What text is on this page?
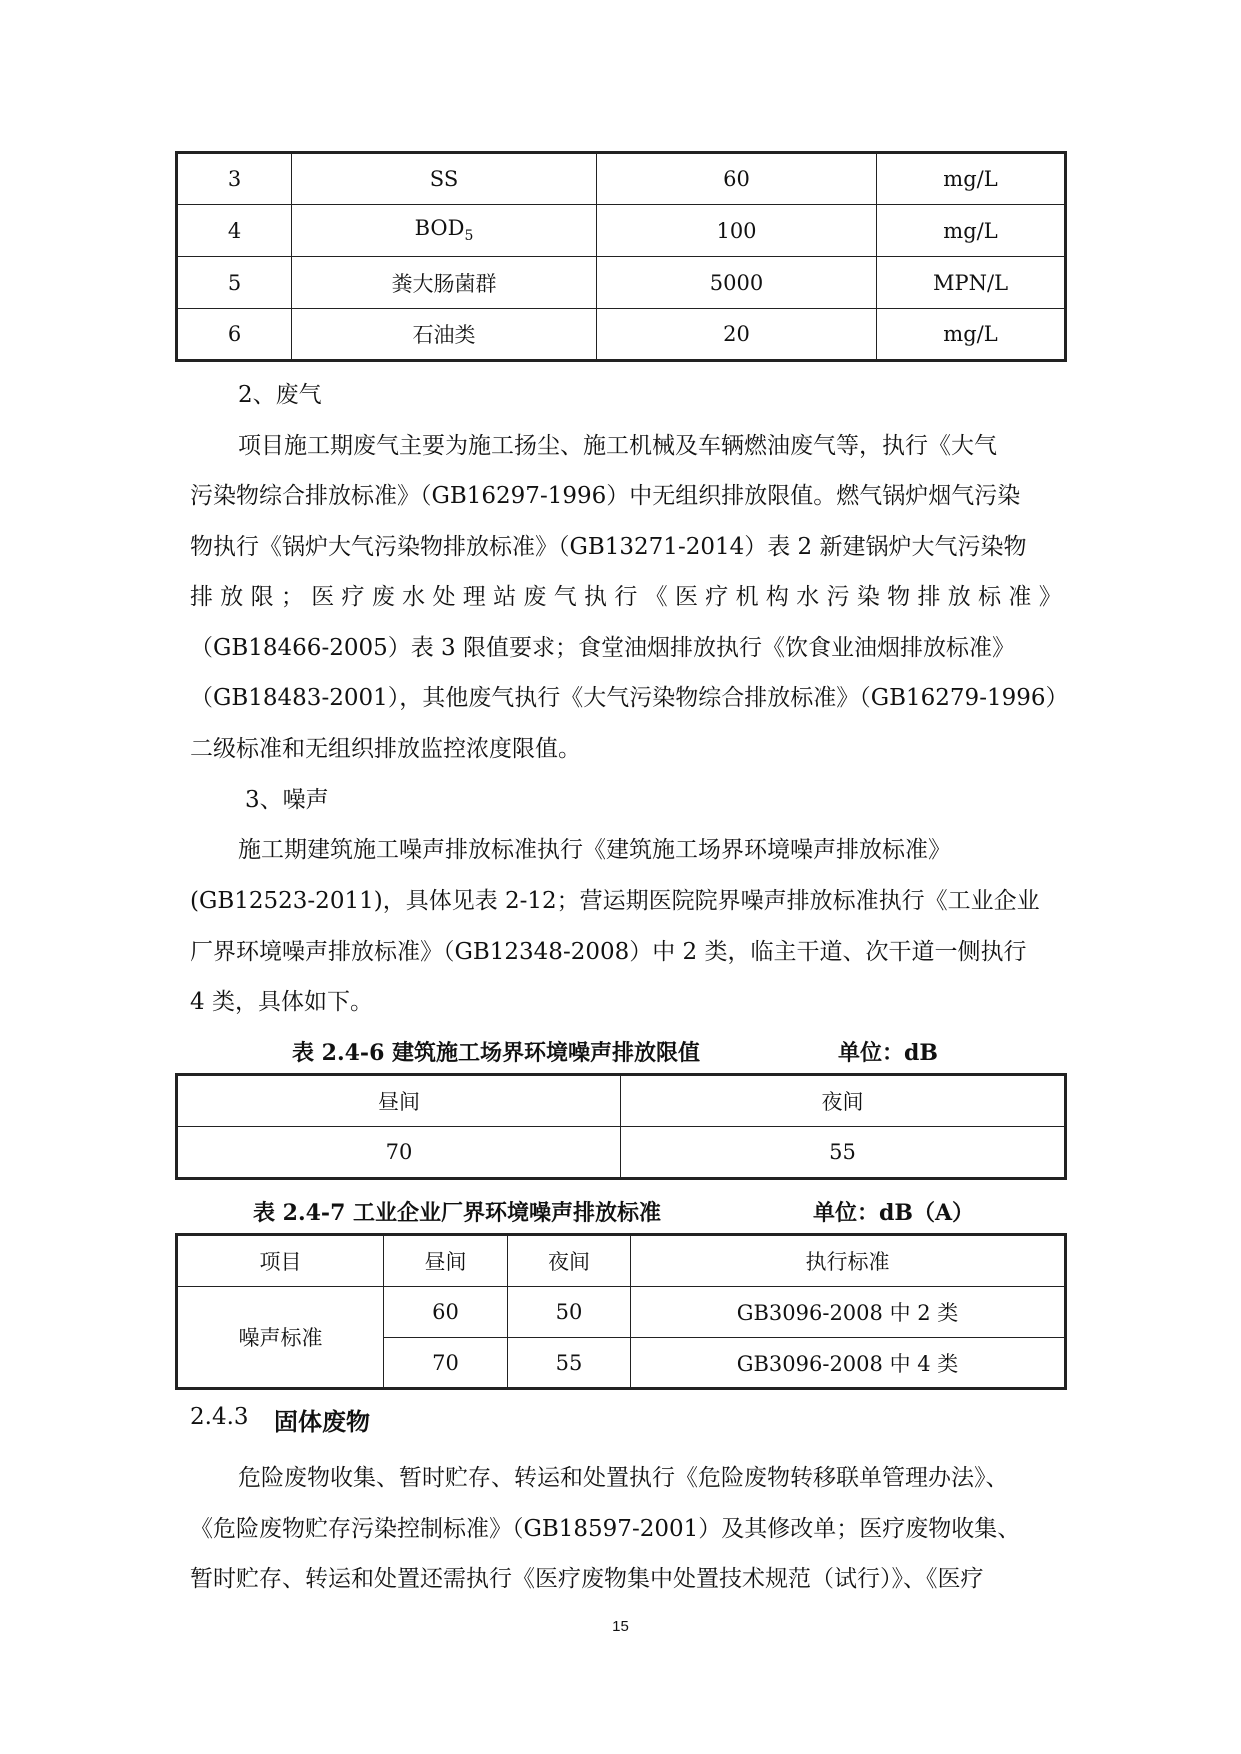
3	SS	60	mg/L
4	$BOD_5$	100	mg/L
5	粪大肠菌群	5000	MPN/L
6	石油类	20	mg/L
2、废气
项目施工期废气主要为施工扬尘、施工机械及车辆燃油废气等，执行《大气
污染物综合排放标准》（GB16297-1996）中无组织排放限值。燃气锅炉烟气污染
物执行《锅炉大气污染物排放标准》（GB13271-2014）表 2 新建锅炉大气污染物
排 放 限 ； 医 疗 废 水 处 理 站 废 气 执 行 《 医 疗 机 构 水 污 染 物 排 放 标 准 》
（GB18466-2005）表 3 限值要求；食堂油烟排放执行《饮食业油烟排放标准》
（GB18483-2001），其他废气执行《大气污染物综合排放标准》（GB16279-1996）
二级标准和无组织排放监控浓度限值。
3、噪声
施工期建筑施工噪声排放标准执行《建筑施工场界环境噪声排放标准》
(GB12523-2011)，具体见表 2-12；营运期医院院界噪声排放标准执行《工业企业
厂界环境噪声排放标准》（GB12348-2008）中 2 类，临主干道、次干道一侧执行
4 类，具体如下。
表 2.4-6 建筑施工场界环境噪声排放限值	单位：dB
昼间	夜间
70	55
表 2.4-7 工业企业厂界环境噪声排放标准	单位：dB（A）
项目	昼间	夜间	执行标准
噪声标准	60	50	GB3096-2008 中 2 类
	70	55	GB3096-2008 中 4 类
2.4.3 固体废物
危险废物收集、暂时贮存、转运和处置执行《危险废物转移联单管理办法》、
《危险废物贮存污染控制标准》（GB18597-2001）及其修改单；医疗废物收集、
暂时贮存、转运和处置还需执行《医疗废物集中处置技术规范（试行）》、《医疗
15
